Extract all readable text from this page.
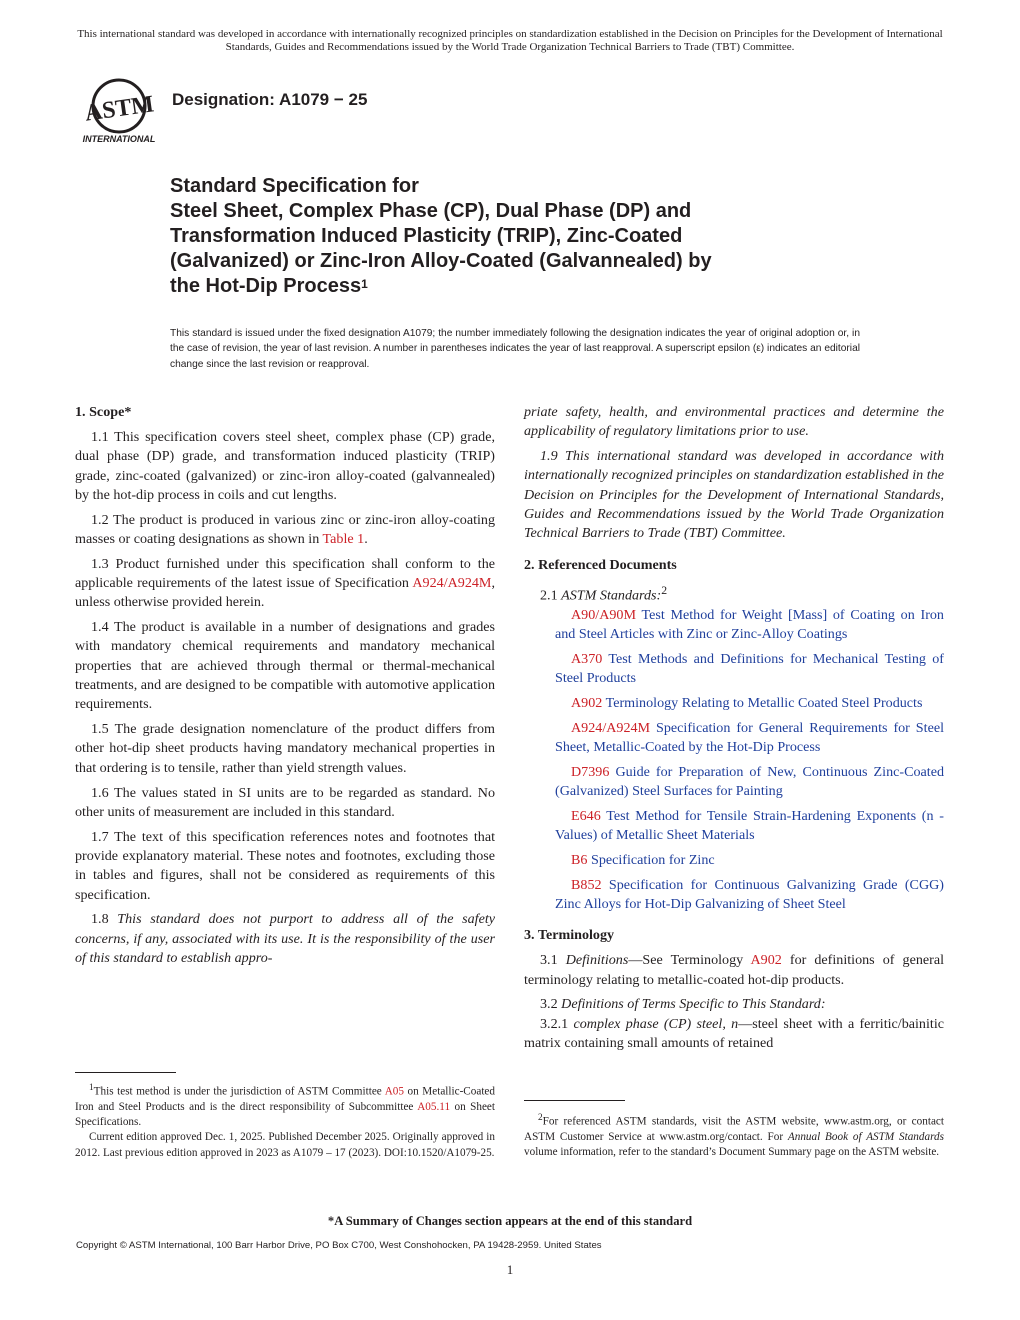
This international standard was developed in accordance with internationally recognized principles on standardization established in the Decision on Principles for the Development of International Standards, Guides and Recommendations issued by the World Trade Organization Technical Barriers to Trade (TBT) Committee.
ASTM
INTERNATIONAL
Designation: A1079 − 25
Standard Specification for
Steel Sheet, Complex Phase (CP), Dual Phase (DP) and
Transformation Induced Plasticity (TRIP), Zinc-Coated
(Galvanized) or Zinc-Iron Alloy-Coated (Galvannealed) by
the Hot-Dip Process$^1$
This standard is issued under the fixed designation A1079; the number immediately following the designation indicates the year of original adoption or, in the case of revision, the year of last revision. A number in parentheses indicates the year of last reapproval. A superscript epsilon (ε) indicates an editorial change since the last revision or reapproval.
1. Scope*

1.1 This specification covers steel sheet, complex phase (CP) grade, dual phase (DP) grade, and transformation induced plasticity (TRIP) grade, zinc-coated (galvanized) or zinc-iron alloy-coated (galvannealed) by the hot-dip process in coils and cut lengths.

1.2 The product is produced in various zinc or zinc-iron alloy-coating masses or coating designations as shown in Table 1.

1.3 Product furnished under this specification shall conform to the applicable requirements of the latest issue of Specification A924/A924M, unless otherwise provided herein.

1.4 The product is available in a number of designations and grades with mandatory chemical requirements and mandatory mechanical properties that are achieved through thermal or thermal-mechanical treatments, and are designed to be compatible with automotive application requirements.

1.5 The grade designation nomenclature of the product differs from other hot-dip sheet products having mandatory mechanical properties in that ordering is to tensile, rather than yield strength values.

1.6 The values stated in SI units are to be regarded as standard. No other units of measurement are included in this standard.

1.7 The text of this specification references notes and footnotes that provide explanatory material. These notes and footnotes, excluding those in tables and figures, shall not be considered as requirements of this specification.

1.8 This standard does not purport to address all of the safety concerns, if any, associated with its use. It is the responsibility of the user of this standard to establish appro-

$^1$This test method is under the jurisdiction of ASTM Committee A05 on Metallic-Coated Iron and Steel Products and is the direct responsibility of Subcommittee A05.11 on Sheet Specifications.

Current edition approved Dec. 1, 2025. Published December 2025. Originally approved in 2012. Last previous edition approved in 2023 as A1079 – 17 (2023). DOI:10.1520/A1079-25.

priate safety, health, and environmental practices and determine the applicability of regulatory limitations prior to use.

1.9 This international standard was developed in accordance with internationally recognized principles on standardization established in the Decision on Principles for the Development of International Standards, Guides and Recommendations issued by the World Trade Organization Technical Barriers to Trade (TBT) Committee.

2. Referenced Documents

2.1 ASTM Standards:$^2$

A90/A90M Test Method for Weight [Mass] of Coating on Iron and Steel Articles with Zinc or Zinc-Alloy Coatings

A370 Test Methods and Definitions for Mechanical Testing of Steel Products

A902 Terminology Relating to Metallic Coated Steel Products

A924/A924M Specification for General Requirements for Steel Sheet, Metallic-Coated by the Hot-Dip Process

D7396 Guide for Preparation of New, Continuous Zinc-Coated (Galvanized) Steel Surfaces for Painting

E646 Test Method for Tensile Strain-Hardening Exponents (n -Values) of Metallic Sheet Materials

B6 Specification for Zinc

B852 Specification for Continuous Galvanizing Grade (CGG) Zinc Alloys for Hot-Dip Galvanizing of Sheet Steel

3. Terminology

3.1 Definitions—See Terminology A902 for definitions of general terminology relating to metallic-coated hot-dip products.

3.2 Definitions of Terms Specific to This Standard:

3.2.1 complex phase (CP) steel, n—steel sheet with a ferritic/bainitic matrix containing small amounts of retained

$^2$For referenced ASTM standards, visit the ASTM website, www.astm.org, or contact ASTM Customer Service at www.astm.org/contact. For Annual Book of ASTM Standards volume information, refer to the standard’s Document Summary page on the ASTM website.

*A Summary of Changes section appears at the end of this standard
Copyright © ASTM International, 100 Barr Harbor Drive, PO Box C700, West Conshohocken, PA 19428-2959. United States
1
